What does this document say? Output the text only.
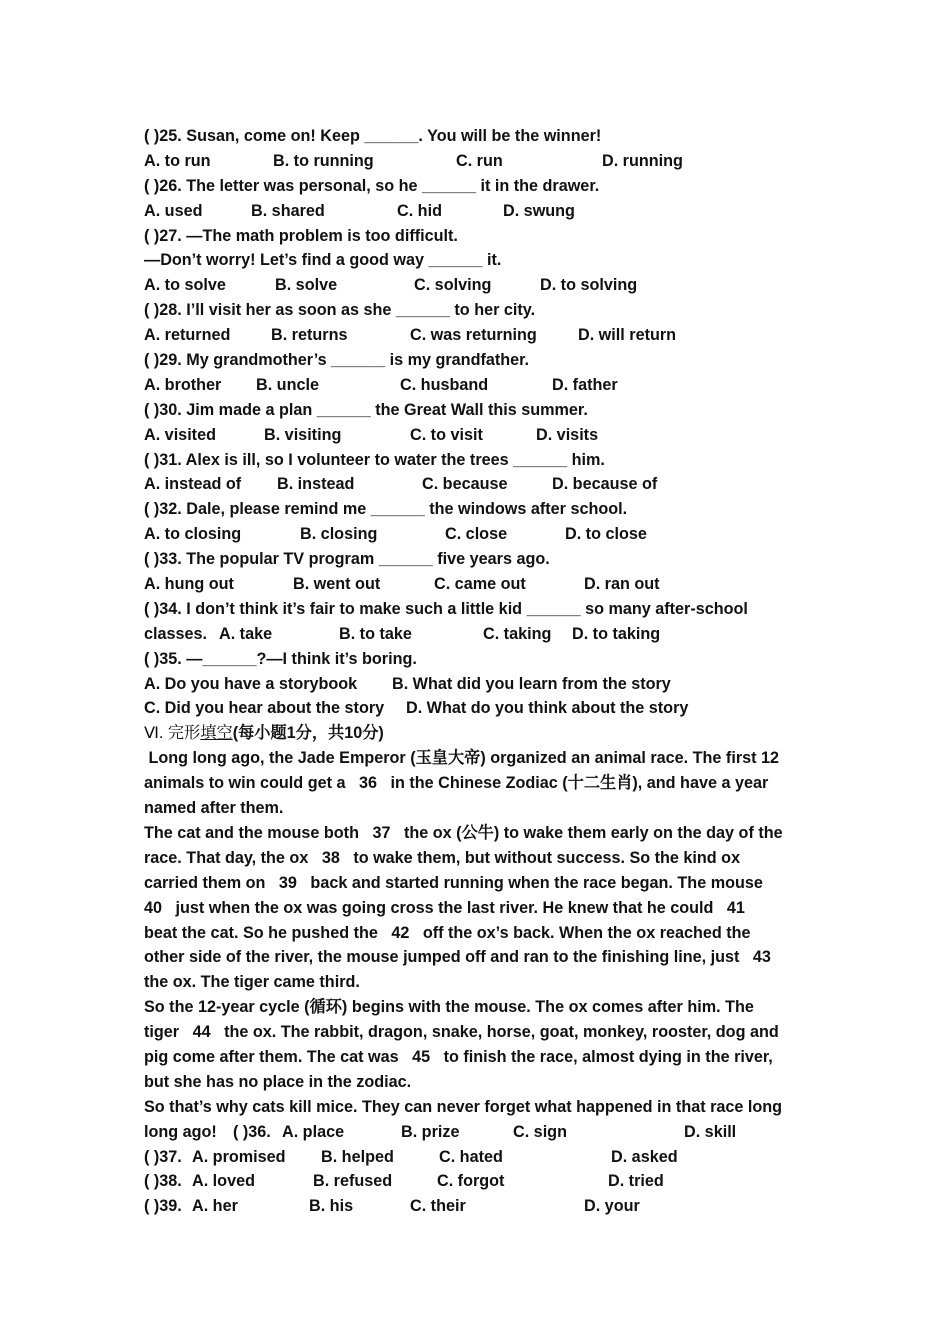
( )25. Susan, come on! Keep ______. You will be the winner!
A. to run	B. to running	C. run	D. running
( )26. The letter was personal, so he ______ it in the drawer.
A. used	B. shared	C. hid	D. swung
( )27. —The math problem is too difficult.
—Don’t worry! Let’s find a good way ______ it.
A. to solve	B. solve	C. solving	D. to solving
( )28. I’ll visit her as soon as she ______ to her city.
A. returned	B. returns	C. was returning	D. will return
( )29. My grandmother’s ______ is my grandfather.
A. brother B. uncle	C. husband	D. father
( )30. Jim made a plan ______ the Great Wall this summer.
A. visited	B. visiting	C. to visit	D. visits
( )31. Alex is ill, so I volunteer to water the trees ______ him.
A. instead of B. instead	C. because	D. because of
( )32. Dale, please remind me ______ the windows after school.
A. to closing	B. closing	C. close	D. to close
( )33. The popular TV program ______ five years ago.
A. hung out	B. went out	C. came out	D. ran out
( )34. I don’t think it’s fair to make such a little kid ______ so many after-school
classes. A. take	B. to take	C. taking D. to taking
( )35. —______?—I think it’s boring.
A. Do you have a storybook B. What did you learn from the story
C. Did you hear about the story D. What do you think about the story
Ⅵ. 完形填空(每小题1分，共10分)
Long long ago, the Jade Emperor (玉皇大帝) organized an animal race. The first 12
animals to win could get a   36   in the Chinese Zodiac (十二生肖), and have a year
named after them.
The cat and the mouse both   37   the ox (公牛) to wake them early on the day of the
race. That day, the ox   38   to wake them, but without success. So the kind ox
carried them on   39   back and started running when the race began. The mouse
40   just when the ox was going cross the last river. He knew that he could   41
beat the cat. So he pushed the   42   off the ox’s back. When the ox reached the
other side of the river, the mouse jumped off and ran to the finishing line, just   43
the ox. The tiger came third.
So the 12-year cycle (循环) begins with the mouse. The ox comes after him. The
tiger   44   the ox. The rabbit, dragon, snake, horse, goat, monkey, rooster, dog and
pig come after them. The cat was   45   to finish the race, almost dying in the river,
but she has no place in the zodiac.
So that’s why cats kill mice. They can never forget what happened in that race long
long ago! ( )36. A. place	B. prize	C. sign	D. skill
( )37. A. promised B. helped	C. hated	D. asked
( )38. A. loved	B. refused	C. forgot	D. tried
( )39. A. her	B. his	C. their	D. your
